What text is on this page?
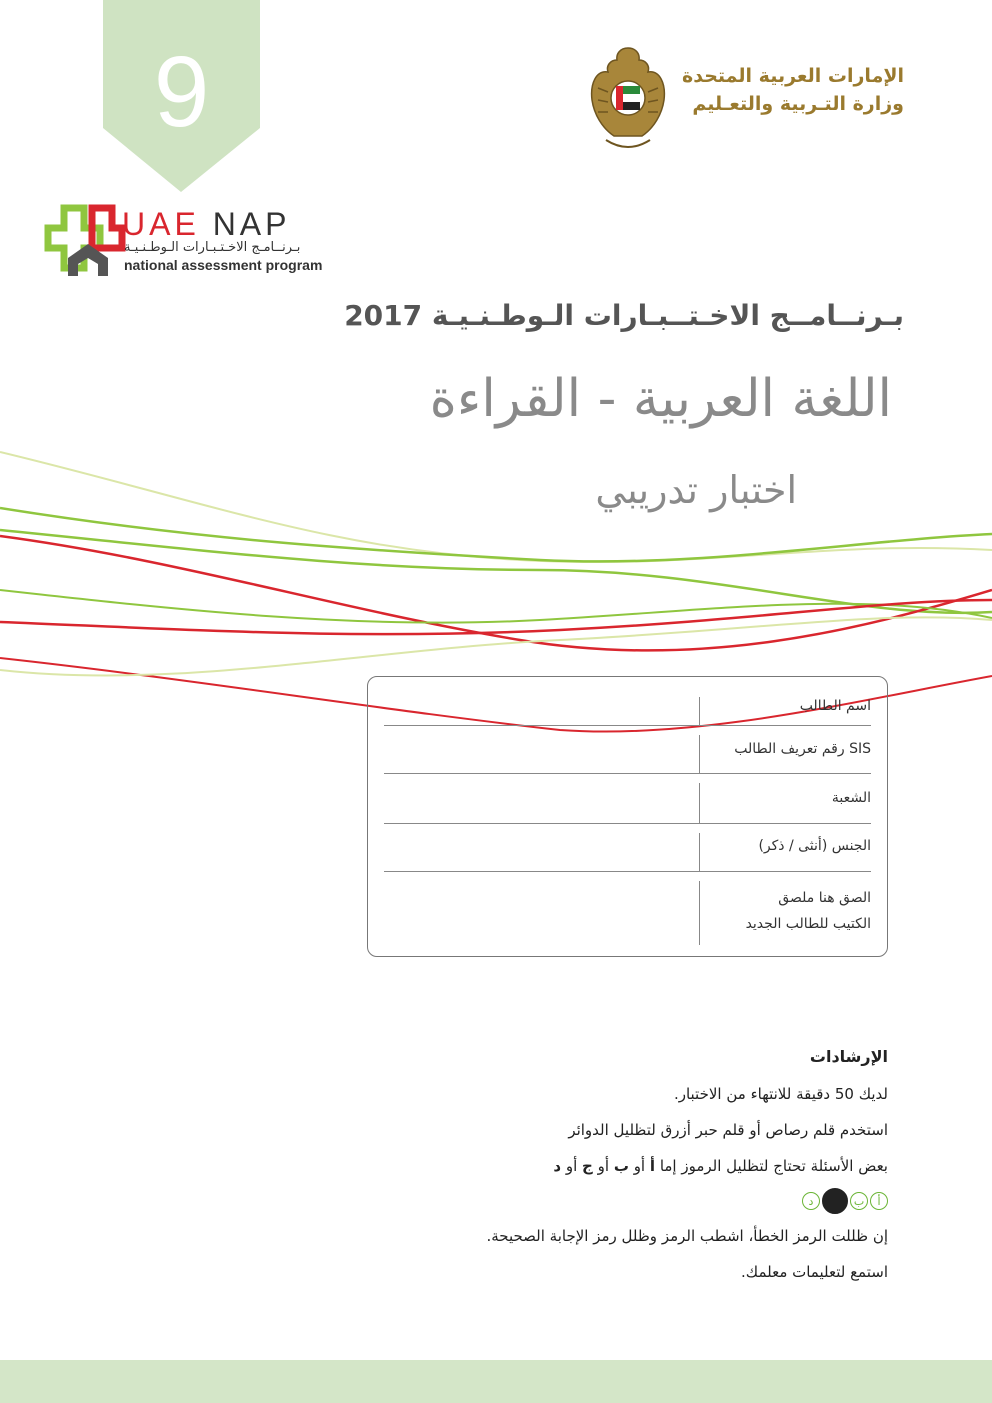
9	الإمارات العربية المتحدة
وزارة التـربية والتعـليم
UAE NAP
بـرنــامـج الاخـتـبـارات الـوطـنـيـة
national assessment program
بـرنــامــج الاخـتــبـارات الـوطـنـيـة 2017
اللغة العربية - القراءة
اختبار تدريبي
اسم الطالب
SIS رقم تعريف الطالب
الشعبة
الجنس (أنثى / ذكر)
الصق هنا ملصق
الكتيب للطالب الجديد
الإرشادات
لديك 50 دقيقة للانتهاء من الاختبار.
استخدم قلم رصاص أو قلم حبر أزرق لتظليل الدوائر
بعض الأسئلة تحتاج لتظليل الرموز إما أ أو ب أو ج أو د
أ
ب
د
إن ظللت الرمز الخطأ، اشطب الرمز وظلل رمز الإجابة الصحيحة.
استمع لتعليمات معلمك.
